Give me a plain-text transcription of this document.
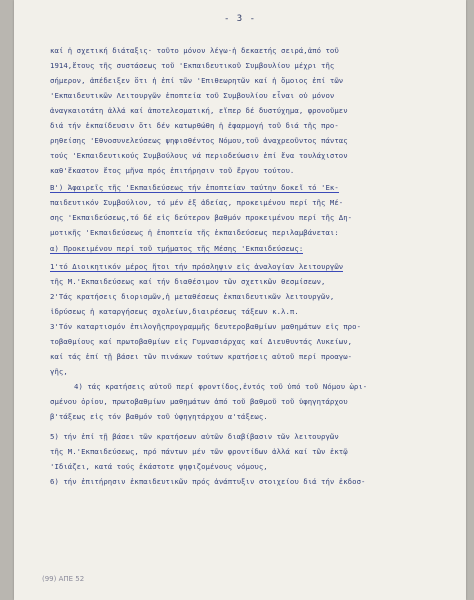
- 3 -
καί ἡ σχετική διάταξις· τοῦτο μόνον λέγω·ἡ δεκαετής σειρά,ἀπό τοῦ
1914,ἔτους τῆς συστάσεως τοῦ 'Εκπαιδευτικοῦ Συμβουλίου μέχρι τῆς
σήμερον, ἀπέδειξεν ὅτι ἡ ἐπί τῶν 'Επιθεωρητῶν καί ἡ ὅμοιος ἐπί τῶν
'Εκπαιδευτικῶν Λειτουργῶν ἐποπτεία τοῦ Συμβουλίου εἶναι οὐ μόνον
ἀναγκαιοτάτη ἀλλά καί ἀποτελεσματική, εἴπερ δέ δυστύχημα, φρονοῦμεν
διά τήν ἐκπαίδευσιν ὅτι δέν κατωρθώθη ἡ ἐφαρμογή τοῦ διά τῆς προ-
ρηθείσης 'Εθνοσυνελεύσεως ψηφισθέντος Νόμου,τοῦ ἀναχρεοῦντος πάντας
τούς 'Εκπαιδευτικούς Συμβούλους νά περιοδεύωσιν ἐπί ἕνα τουλάχιστον
καθ'ἕκαστον ἔτος μῆνα πρός ἐπιτήρησιν τοῦ ἔργου τούτου.
Β') Ἀφαιρεῖς τῆς 'Εκπαιδεύσεως τήν ἐποπτείαν ταύτην δοκεῖ τό 'Εκ-
παιδευτικόν Συμβούλιον, τό μέν ἐξ ἀδείας, προκειμένου περί τῆς Μέ-
σης 'Εκπαιδεύσεως,τό δέ εἰς δεύτερον βαθμόν προκειμένου περί τῆς Δη-
μοτικῆς 'Εκπαιδεύσεως ἡ ἐποπτεία τῆς ἐκπαιδεύσεως περιλαμβάνεται:
α) Προκειμένου περί τοῦ τμήματος τῆς Μέσης 'Εκπαιδεύσεως:
1'τό Διοικητικόν μέρος ἤτοι τήν πρόσληψιν εἰς ἀναλογίαν λειτουργῶν
τῆς Μ.'Εκπαιδεύσεως καί τήν διαθέσιμον τῶν σχετικῶν θεσμίσεων,
2'Τάς κρατήσεις διορισμῶν,ἡ μεταθέσεως ἐκπαιδευτικῶν λειτουργῶν,
ἱδρύσεως ἡ καταργήσεως σχολείων,διαιρέσεως τάξεων κ.λ.π.
3'Τόν καταρτισμόν ἐπιλογῆςπρογραμμῆς δευτεροβαθμίων μαθημάτων εἰς προ-
τοβαθμίους καί πρωτοβαθμίων εἰς Γυμνασιάρχας καί Διευθυντάς Λυκείων,
καί τάς ἐπί τῇ βάσει τῶν πινάκων τούτων κρατήσεις αὐτοῦ περί προαγω-
γῆς,
4) τάς κρατήσεις αὐτοῦ περί φροντίδος,ἐντός τοῦ ὑπό τοῦ Νόμου ὡρι-
σμένου ὁρίου, πρωτοβαθμίων μαθημάτων ἀπό τοῦ βαθμοῦ τοῦ ὑφηγητάρχου
β'τάξεως εἰς τόν βαθμόν τοῦ ὑφηγητάρχου α'τάξεως.
5) τήν ἐπί τῇ βάσει τῶν κρατήσεων αὐτῶν διαβίβασιν τῶν λειτουργῶν
τῆς Μ.'Εκπαιδεύσεως, πρό πάντων μέν τῶν φροντίδων ἀλλά καί τῶν ἐκτῷ
'Ιδιάζει, κατά τούς ἐκάστοτε ψηφιζομένους νόμους,
6) τήν ἐπιτήρησιν ἐκπαιδευτικῶν πρός ἀνάπτυξιν στοιχείου διά τήν ἐκδοσ-
(99) ΑΠΕ 52
